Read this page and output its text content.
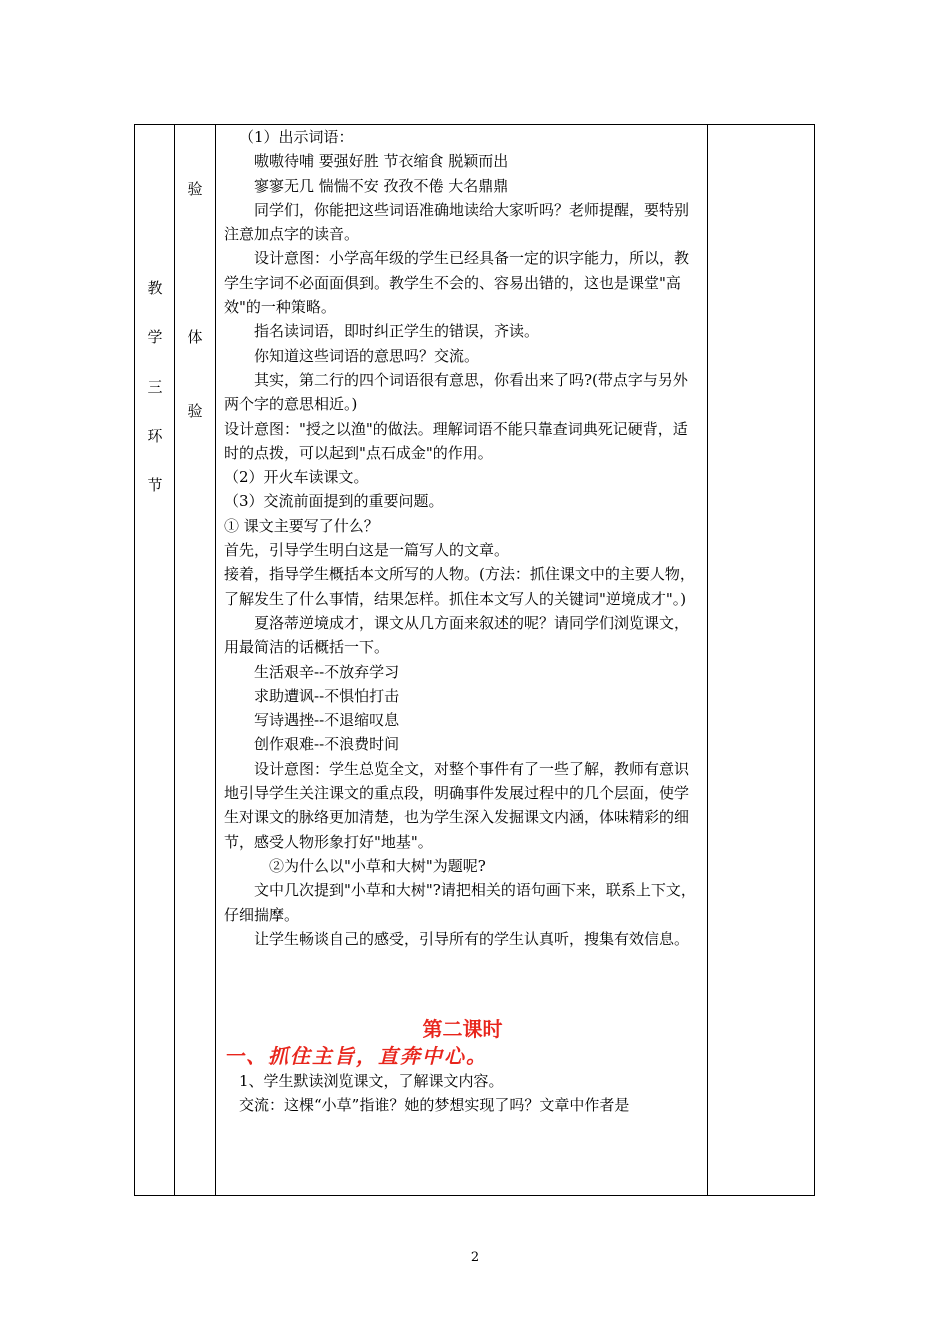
教
学
三
环
节
验
体
验

（1）出示词语：

嗷嗷待哺 要强好胜 节衣缩食 脱颖而出

寥寥无几 惴惴不安 孜孜不倦 大名鼎鼎

同学们，你能把这些词语准确地读给大家听吗？老师提醒，要特别注意加点字的读音。

设计意图：小学高年级的学生已经具备一定的识字能力，所以，教学生字词不必面面俱到。教学生不会的、容易出错的，这也是课堂"高效"的一种策略。

指名读词语，即时纠正学生的错误，齐读。

你知道这些词语的意思吗？交流。

其实，第二行的四个词语很有意思，你看出来了吗?(带点字与另外两个字的意思相近。)

设计意图："授之以渔"的做法。理解词语不能只靠查词典死记硬背，适时的点拨，可以起到"点石成金"的作用。

（2）开火车读课文。

（3）交流前面提到的重要问题。

① 课文主要写了什么？

首先，引导学生明白这是一篇写人的文章。

接着，指导学生概括本文所写的人物。(方法：抓住课文中的主要人物，了解发生了什么事情，结果怎样。抓住本文写人的关键词"逆境成才"。)

夏洛蒂逆境成才，课文从几方面来叙述的呢？请同学们浏览课文，用最简洁的话概括一下。

生活艰辛--不放弃学习

求助遭讽--不惧怕打击

写诗遇挫--不退缩叹息

创作艰难--不浪费时间

设计意图：学生总览全文，对整个事件有了一些了解，教师有意识地引导学生关注课文的重点段，明确事件发展过程中的几个层面，使学生对课文的脉络更加清楚，也为学生深入发掘课文内涵，体味精彩的细节，感受人物形象打好"地基"。

②为什么以"小草和大树"为题呢?

文中几次提到"小草和大树"?请把相关的语句画下来，联系上下文，仔细揣摩。

让学生畅谈自己的感受，引导所有的学生认真听，搜集有效信息。

第二课时

一、抓住主旨，直奔中心。

1、学生默读浏览课文，了解课文内容。

交流：这棵“小草”指谁？她的梦想实现了吗？文章中作者是

2
